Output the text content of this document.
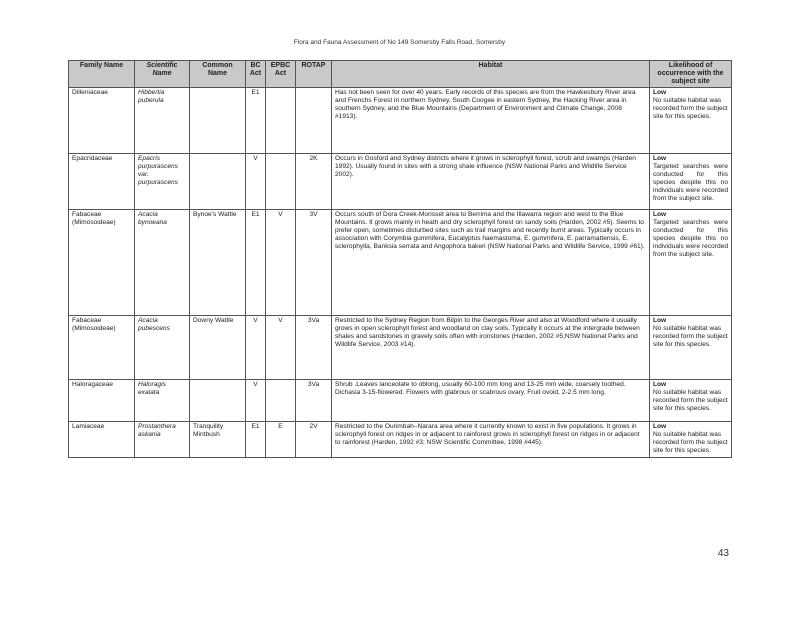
Flora and Fauna Assessment of No 149 Somersby Falls Road, Somersby
Family Name	Scientific Name	Common Name	BC Act	EPBC Act	ROTAP	Habitat	Likelihood of occurrence with the subject site
Dilleniaceae	Hibbertia puberula		E1			Has not been seen for over 40 years. Early records of this species are from the Hawkesbury River area and Frenchs Forest in northern Sydney, South Coogee in eastern Sydney, the Hacking River area in southern Sydney, and the Blue Mountains (Department of Environment and Climate Change, 2008 #1913).	Low
No suitable habitat was recorded form the subject site for this species.
Epacridaceae	Epacris purpurascens var. purpurascens		V		2K	Occurs in Gosford and Sydney districts where it grows in sclerophyll forest, scrub and swamps (Harden 1992). Usually found in sites with a strong shale influence (NSW National Parks and Wildlife Service 2002).	Low
Targeted searches were conducted for this species despite this no individuals were recorded from the subject site.
Fabaceae (Mimosoideae)	Acacia bynoeana	Bynoe's Wattle	E1	V	3V	Occurs south of Dora Creek-Morisset area to Berrima and the Illawarra region and west to the Blue Mountains. It grows mainly in heath and dry sclerophyll forest on sandy soils (Harden, 2002 #5). Seems to prefer open, sometimes disturbed sites such as trail margins and recently burnt areas. Typically occurs in association with Corymbia gummifera, Eucalyptus haemastoma, E. gummifera, E. parramattensis, E. sclerophylla, Banksia serrata and Angophora bakeri (NSW National Parks and Wildlife Service, 1999 #61).	Low
Targeted searches were conducted for this species despite this no individuals were recorded from the subject site.
Fabaceae (Mimosoideae)	Acacia pubescens	Downy Wattle	V	V	3Va	Restricted to the Sydney Region from Bilpin to the Georges River and also at Woodford where it usually grows in open sclerophyll forest and woodland on clay soils. Typically it occurs at the intergrade between shales and sandstones in gravely soils often with ironstones (Harden, 2002 #5;NSW National Parks and Wildlife Service, 2003 #14).	Low
No suitable habitat was recorded form the subject site for this species.
Haloragaceae	Haloragis exalata		V		3Va	Shrub .Leaves lanceolate to oblong, usually 60-100 mm long and 13-25 mm wide, coarsely toothed. Dichasia 3-15-flowered. Flowers with glabrous or scabrous ovary. Fruit ovoid, 2-2.5 mm long.	Low
No suitable habitat was recorded form the subject site for this species.
Lamiaceae	Prostanthera askania	Tranquility Mintbush	E1	E	2V	Restricted to the Ourimbah–Narara area where it currently known to exist in five populations. It grows in sclerophyll forest on ridges in or adjacent to rainforest grows in sclerophyll forest on ridges in or adjacent to rainforest (Harden, 1992 #3; NSW Scientific Committee, 1998 #445).	Low
No suitable habitat was recorded form the subject site for this species.
43
